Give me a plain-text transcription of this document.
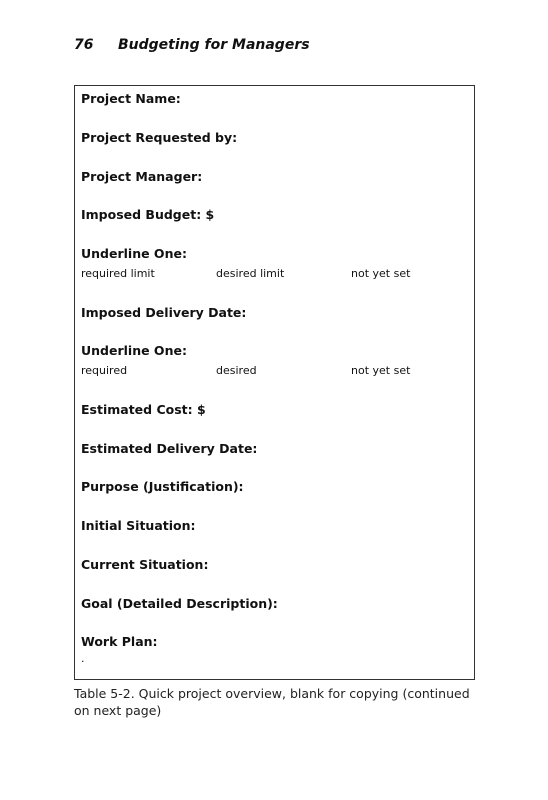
76 Budgeting for Managers
Project Name:
Project Requested by:
Project Manager:
Imposed Budget: $
Underline One:
required limit	desired limit	not yet set
Imposed Delivery Date:
Underline One:
required	desired	not yet set
Estimated Cost: $
Estimated Delivery Date:
Purpose (Justification):
Initial Situation:
Current Situation:
Goal (Detailed Description):
Work Plan:
.
Table 5-2. Quick project overview, blank for copying (continued on next page)
